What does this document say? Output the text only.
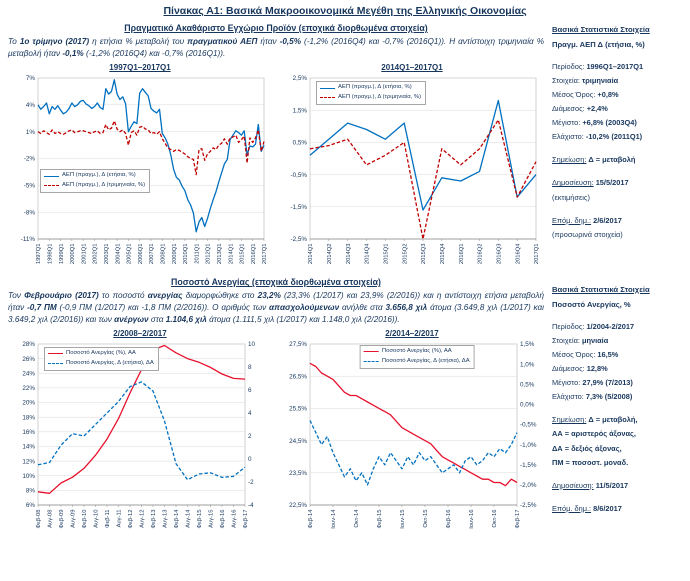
Πίνακας Α1: Βασικά Μακροοικονομικά Μεγέθη της Ελληνικής Οικονομίας
Πραγματικό Ακαθάριστο Εγχώριο Προϊόν (εποχικά διορθωμένα στοιχεία)

Το 1ο τρίμηνο (2017) η ετήσια % μεταβολή του πραγματικού ΑΕΠ ήταν -0,5% (-1,2% (2016Q4) και -0,7% (2016Q1)). Η αντίστοιχη τριμηνιαία % μεταβολή ήταν -0,1% (-1,2% (2016Q4) και -0,7% (2016Q1)).

1997Q1–2017Q1
7%
4%
1%
-2%
-5%
-8%
-11%
1997Q1 1998Q1 1999Q1 2000Q1 2001Q1 2002Q1 2003Q1 2004Q1 2005Q1 2006Q1 2007Q1 2008Q1 2009Q1 2010Q1 2011Q1 2012Q1 2013Q1 2014Q1 2015Q1 2016Q1 2017Q1
ΑΕΠ (πραγμ.), Δ (ετήσια, %)
ΑΕΠ (πραγμ.), Δ (τριμηνιαία, %)
2014Q1–2017Q1
2,5%
1,5%
0,5%
-0,5%
-1,5%
-2,5%
2014Q1 2014Q2 2014Q3 2014Q4 2015Q1 2015Q2 2015Q3 2015Q4 2016Q1 2016Q2 2016Q3 2016Q4 2017Q1
ΑΕΠ (πραγμ.), Δ (ετήσια, %)
ΑΕΠ (πραγμ.), Δ (τριμηνιαία, %)
Ποσοστό Ανεργίας (εποχικά διορθωμένα στοιχεία)

Τον Φεβρουάριο (2017) το ποσοστό ανεργίας διαμορφώθηκε στο 23,2% (23,3% (1/2017) και 23,9% (2/2016)) και η αντίστοιχη ετήσια μεταβολή ήταν -0,7 ΠΜ (-0,9 ΠΜ (1/2017) και -1,8 ΠΜ (2/2016)). Ο αριθμός των απασχολούμενων ανήλθε στα 3.656,8 χιλ άτομα (3.649,8 χιλ (1/2017) και 3.649,2 χιλ (2/2016)) και των ανέργων στα 1.104,6 χιλ άτομα (1.111,5 χιλ (1/2017) και 1.148,0 χιλ (2/2016)).

2/2008–2/2017
28%
26%
24%
22%
20%
18%
16%
14%
12%
10%
8%
6%
10
8
6
4
2
0
-2
-4
Φεβ-08 Αυγ-08 Φεβ-09 Αυγ-09 Φεβ-10 Αυγ-10 Φεβ-11 Αυγ-11 Φεβ-12 Αυγ-12 Φεβ-13 Αυγ-13 Φεβ-14 Αυγ-14 Φεβ-15 Αυγ-15 Φεβ-16 Αυγ-16 Φεβ-17
Ποσοστό Ανεργίας (%), ΑΑ
Ποσοστό Ανεργίας, Δ (ετήσια), ΔΑ
2/2014–2/2017
27,5%
26,5%
25,5%
24,5%
23,5%
22,5%
1,5%
1,0%
0,5%
0,0%
-0,5%
-1,0%
-1,5%
-2,0%
-2,5%
Φεβ-14	Ιουν-14	Οκτ-14	Φεβ-15	Ιουν-15	Οκτ-15	Φεβ-16	Ιουν-16	Οκτ-16	Φεβ-17
Ποσοστό Ανεργίας (%), ΑΑ
Ποσοστό Ανεργίας, Δ (ετήσια), ΔΑ
Βασικά Στατιστικά Στοιχεία
Πραγμ. ΑΕΠ Δ (ετήσια, %)
Περίοδος: 1996Q1–2017Q1
Στοιχεία: τριμηνιαία
Μέσος Όρος: +0,8%
Διάμεσος: +2,4%
Μέγιστο: +6,8% (2003Q4)
Ελάχιστο: -10,2% (2011Q1)
Σημείωση: Δ = μεταβολή
Δημοσίευση: 15/5/2017
(εκτιμήσεις)
Επόμ. δημ.: 2/6/2017
(προσωρινά στοιχεία)
Βασικά Στατιστικά Στοιχεία
Ποσοστό Ανεργίας, %
Περίοδος: 1/2004-2/2017
Στοιχεία: μηνιαία
Μέσος Όρος: 16,5%
Διάμεσος: 12,8%
Μέγιστο: 27,9% (7/2013)
Ελάχιστο: 7,3% (5/2008)
Σημείωση: Δ = μεταβολή,
ΑΑ = αριστερός άξονας,
ΔΑ = δεξιός άξονας,
ΠΜ = ποσοστ. μοναδ.
Δημοσίευση: 11/5/2017
Επόμ. δημ.: 8/6/2017
